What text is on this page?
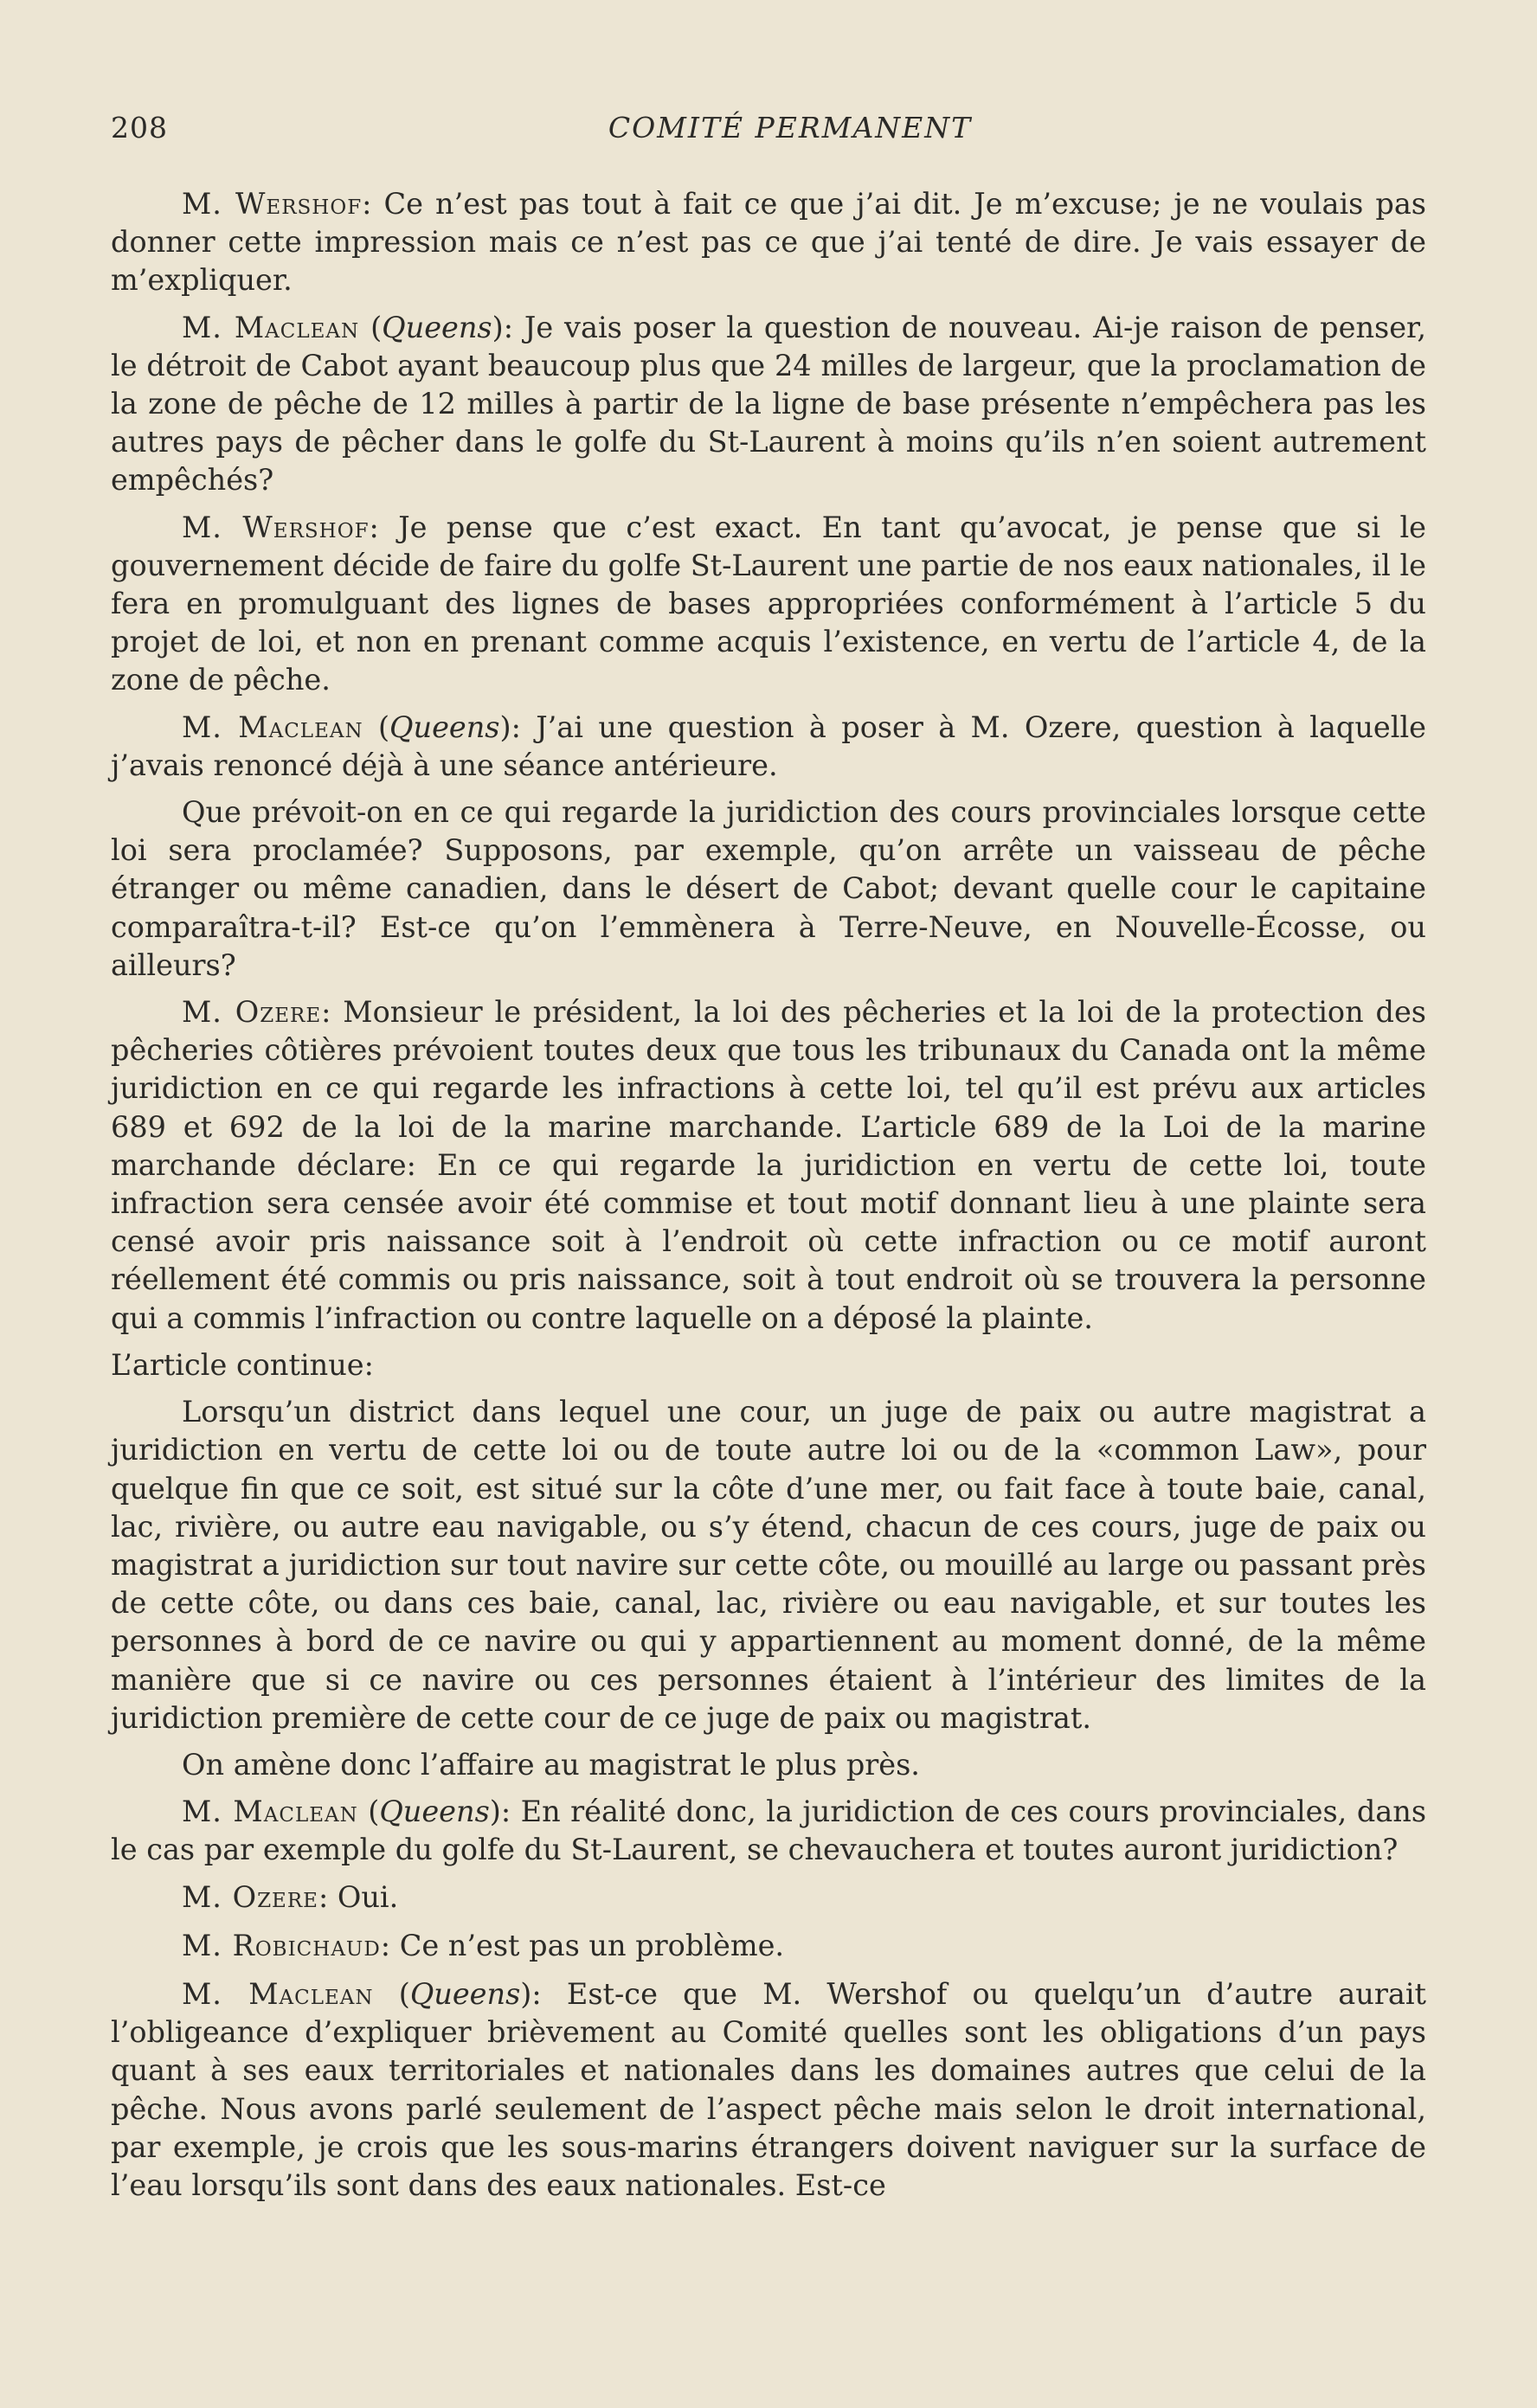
208	COMITÉ PERMANENT

M. Wershof: Ce n’est pas tout à fait ce que j’ai dit. Je m’excuse; je ne voulais pas donner cette impression mais ce n’est pas ce que j’ai tenté de dire. Je vais essayer de m’expliquer.

M. Maclean (Queens): Je vais poser la question de nouveau. Ai-je raison de penser, le détroit de Cabot ayant beaucoup plus que 24 milles de largeur, que la proclamation de la zone de pêche de 12 milles à partir de la ligne de base présente n’empêchera pas les autres pays de pêcher dans le golfe du St-Laurent à moins qu’ils n’en soient autrement empêchés?

M. Wershof: Je pense que c’est exact. En tant qu’avocat, je pense que si le gouvernement décide de faire du golfe St-Laurent une partie de nos eaux nationales, il le fera en promulguant des lignes de bases appropriées conformément à l’article 5 du projet de loi, et non en prenant comme acquis l’existence, en vertu de l’article 4, de la zone de pêche.

M. Maclean (Queens): J’ai une question à poser à M. Ozere, question à laquelle j’avais renoncé déjà à une séance antérieure.

Que prévoit-on en ce qui regarde la juridiction des cours provinciales lorsque cette loi sera proclamée? Supposons, par exemple, qu’on arrête un vaisseau de pêche étranger ou même canadien, dans le désert de Cabot; devant quelle cour le capitaine comparaîtra-t-il? Est-ce qu’on l’emmènera à Terre-Neuve, en Nouvelle-Écosse, ou ailleurs?

M. Ozere: Monsieur le président, la loi des pêcheries et la loi de la protection des pêcheries côtières prévoient toutes deux que tous les tribunaux du Canada ont la même juridiction en ce qui regarde les infractions à cette loi, tel qu’il est prévu aux articles 689 et 692 de la loi de la marine marchande. L’article 689 de la Loi de la marine marchande déclare: En ce qui regarde la juridiction en vertu de cette loi, toute infraction sera censée avoir été commise et tout motif donnant lieu à une plainte sera censé avoir pris naissance soit à l’endroit où cette infraction ou ce motif auront réellement été commis ou pris naissance, soit à tout endroit où se trouvera la personne qui a commis l’infraction ou contre laquelle on a déposé la plainte.

L’article continue:

Lorsqu’un district dans lequel une cour, un juge de paix ou autre magistrat a juridiction en vertu de cette loi ou de toute autre loi ou de la «common Law», pour quelque fin que ce soit, est situé sur la côte d’une mer, ou fait face à toute baie, canal, lac, rivière, ou autre eau navigable, ou s’y étend, chacun de ces cours, juge de paix ou magistrat a juridiction sur tout navire sur cette côte, ou mouillé au large ou passant près de cette côte, ou dans ces baie, canal, lac, rivière ou eau navigable, et sur toutes les personnes à bord de ce navire ou qui y appartiennent au moment donné, de la même manière que si ce navire ou ces personnes étaient à l’intérieur des limites de la juridiction première de cette cour de ce juge de paix ou magistrat.

On amène donc l’affaire au magistrat le plus près.

M. Maclean (Queens): En réalité donc, la juridiction de ces cours provinciales, dans le cas par exemple du golfe du St-Laurent, se chevauchera et toutes auront juridiction?

M. Ozere: Oui.

M. Robichaud: Ce n’est pas un problème.

M. Maclean (Queens): Est-ce que M. Wershof ou quelqu’un d’autre aurait l’obligeance d’expliquer brièvement au Comité quelles sont les obligations d’un pays quant à ses eaux territoriales et nationales dans les domaines autres que celui de la pêche. Nous avons parlé seulement de l’aspect pêche mais selon le droit international, par exemple, je crois que les sous-marins étrangers doivent naviguer sur la surface de l’eau lorsqu’ils sont dans des eaux nationales. Est-ce
